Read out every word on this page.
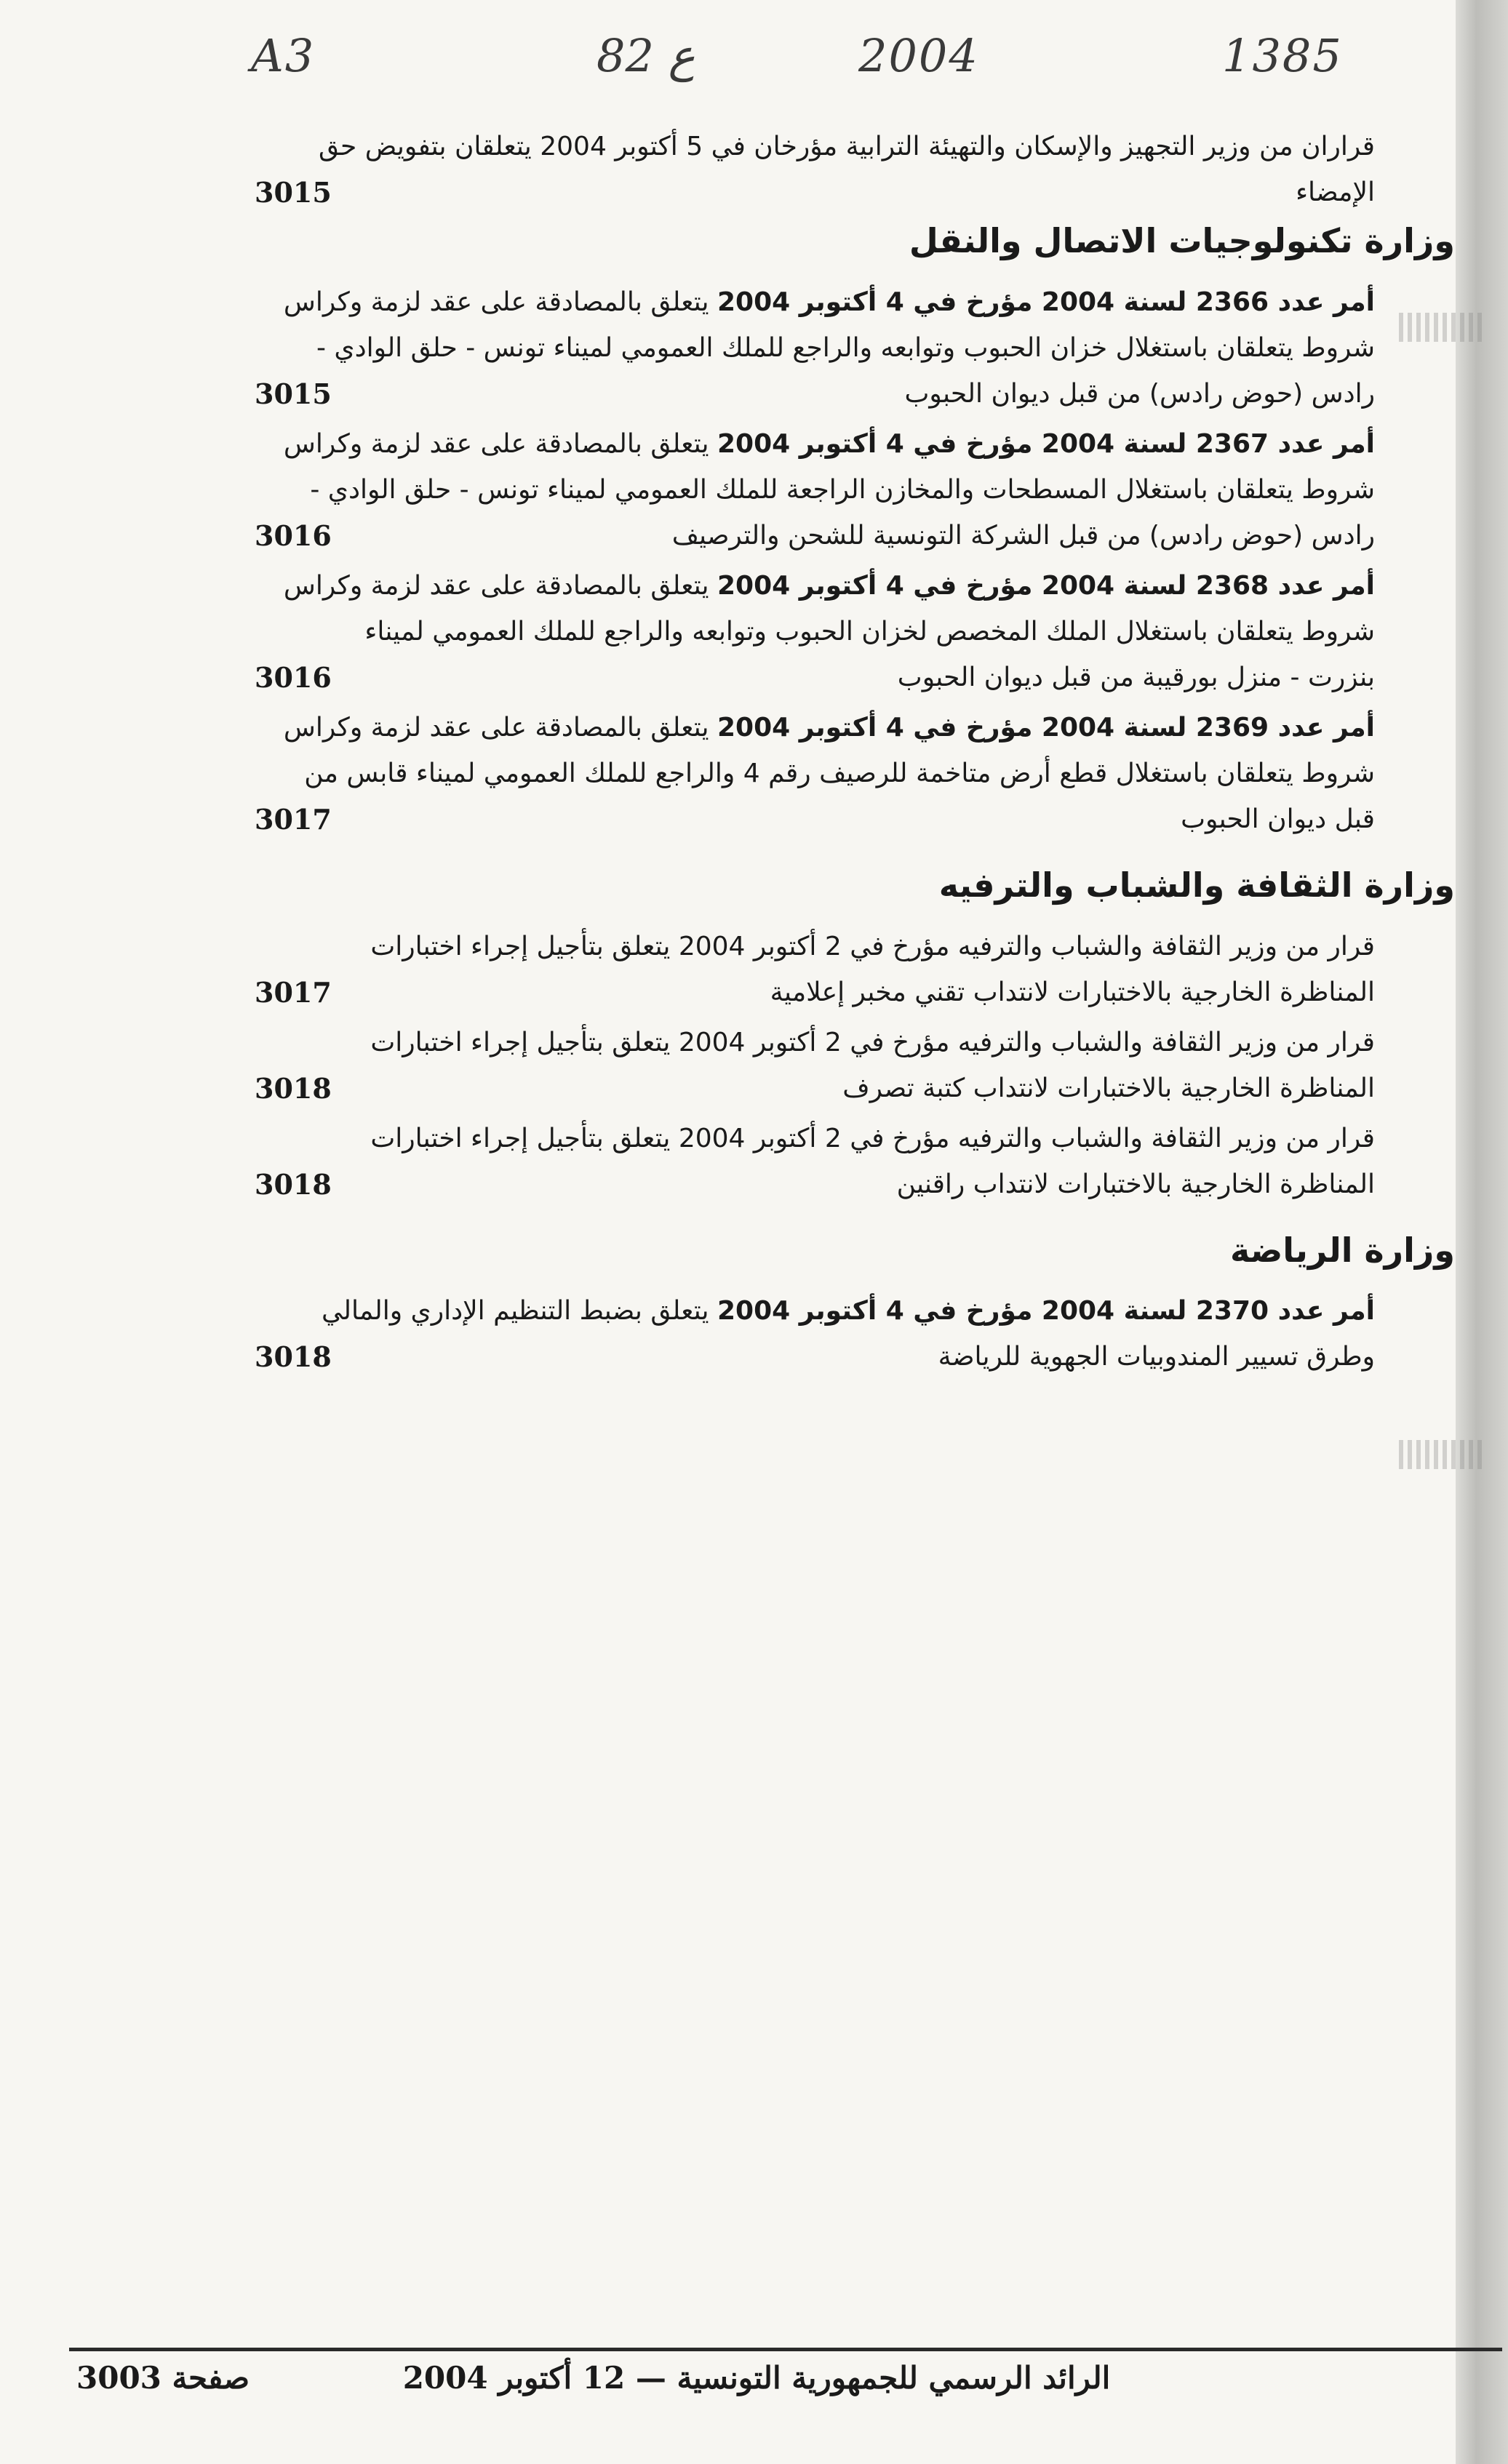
A3	82 ع	2004	1385
قراران من وزير التجهيز والإسكان والتهيئة الترابية مؤرخان في 5 أكتوبر 2004 يتعلقان بتفويض حق
الإمضاء
3015
وزارة تكنولوجيات الاتصال والنقل
أمر عدد 2366 لسنة 2004 مؤرخ في 4 أكتوبر 2004 يتعلق بالمصادقة على عقد لزمة وكراس
شروط يتعلقان باستغلال خزان الحبوب وتوابعه والراجع للملك العمومي لميناء تونس - حلق الوادي -
رادس (حوض رادس) من قبل ديوان الحبوب
3015
أمر عدد 2367 لسنة 2004 مؤرخ في 4 أكتوبر 2004 يتعلق بالمصادقة على عقد لزمة وكراس
شروط يتعلقان باستغلال المسطحات والمخازن الراجعة للملك العمومي لميناء تونس - حلق الوادي -
رادس (حوض رادس) من قبل الشركة التونسية للشحن والترصيف
3016
أمر عدد 2368 لسنة 2004 مؤرخ في 4 أكتوبر 2004 يتعلق بالمصادقة على عقد لزمة وكراس
شروط يتعلقان باستغلال الملك المخصص لخزان الحبوب وتوابعه والراجع للملك العمومي لميناء
بنزرت - منزل بورقيبة من قبل ديوان الحبوب
3016
أمر عدد 2369 لسنة 2004 مؤرخ في 4 أكتوبر 2004 يتعلق بالمصادقة على عقد لزمة وكراس
شروط يتعلقان باستغلال قطع أرض متاخمة للرصيف رقم 4 والراجع للملك العمومي لميناء قابس من
قبل ديوان الحبوب
3017
وزارة الثقافة والشباب والترفيه
قرار من وزير الثقافة والشباب والترفيه مؤرخ في 2 أكتوبر 2004 يتعلق بتأجيل إجراء اختبارات
المناظرة الخارجية بالاختبارات لانتداب تقني مخبر إعلامية
3017
قرار من وزير الثقافة والشباب والترفيه مؤرخ في 2 أكتوبر 2004 يتعلق بتأجيل إجراء اختبارات
المناظرة الخارجية بالاختبارات لانتداب كتبة تصرف
3018
قرار من وزير الثقافة والشباب والترفيه مؤرخ في 2 أكتوبر 2004 يتعلق بتأجيل إجراء اختبارات
المناظرة الخارجية بالاختبارات لانتداب راقنين
3018
وزارة الرياضة
أمر عدد 2370 لسنة 2004 مؤرخ في 4 أكتوبر 2004 يتعلق بضبط التنظيم الإداري والمالي
وطرق تسيير المندوبيات الجهوية للرياضة
3018
الرائد الرسمي للجمهورية التونسية — 12 أكتوبر 2004
صفحة 3003
